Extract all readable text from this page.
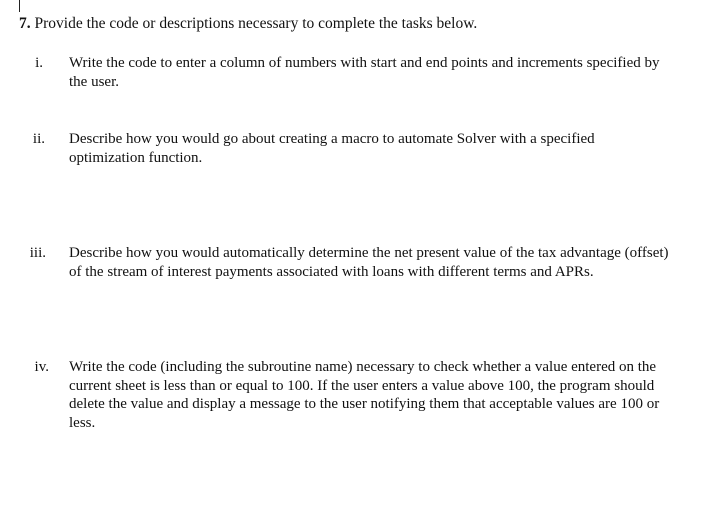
7. Provide the code or descriptions necessary to complete the tasks below.
i. Write the code to enter a column of numbers with start and end points and increments specified by the user.
ii. Describe how you would go about creating a macro to automate Solver with a specified optimization function.
iii. Describe how you would automatically determine the net present value of the tax advantage (offset) of the stream of interest payments associated with loans with different terms and APRs.
iv. Write the code (including the subroutine name) necessary to check whether a value entered on the current sheet is less than or equal to 100. If the user enters a value above 100, the program should delete the value and display a message to the user notifying them that acceptable values are 100 or less.
